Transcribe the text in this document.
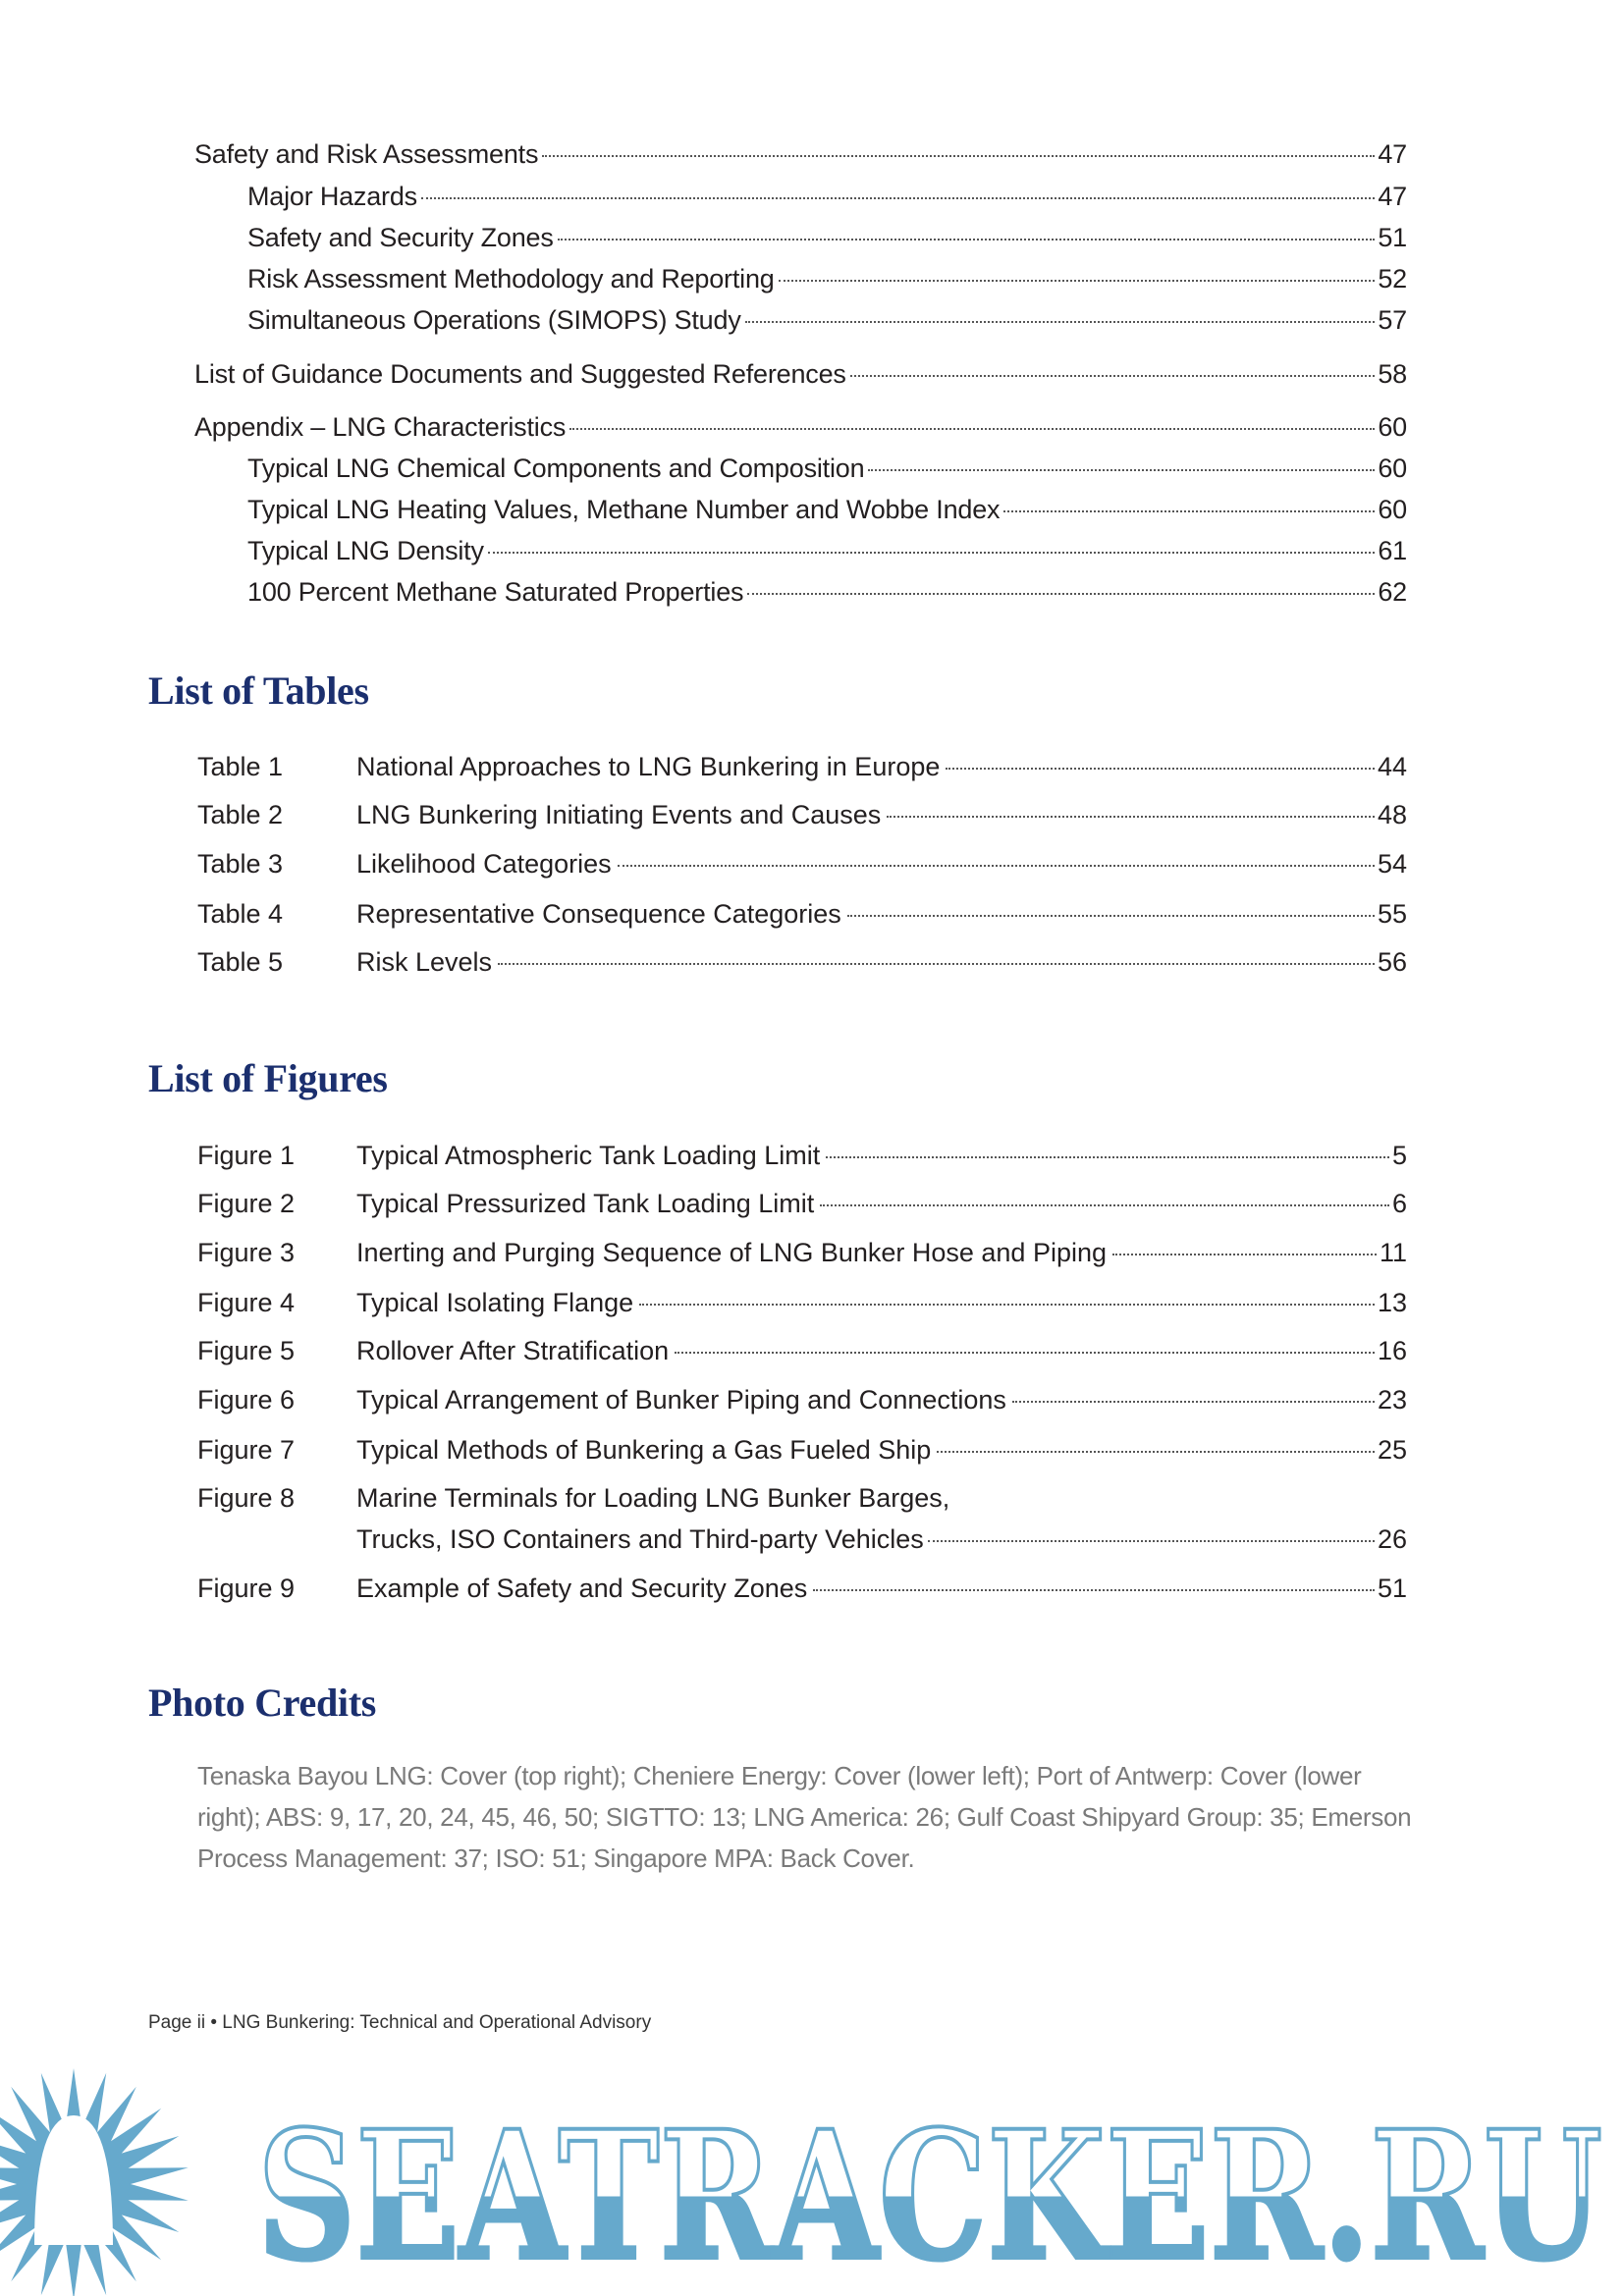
Safety and Risk Assessments	47
Major Hazards	47
Safety and Security Zones	51
Risk Assessment Methodology and Reporting	52
Simultaneous Operations (SIMOPS) Study	57
List of Guidance Documents and Suggested References	58
Appendix – LNG Characteristics	60
Typical LNG Chemical Components and Composition	60
Typical LNG Heating Values, Methane Number and Wobbe Index	60
Typical LNG Density	61
100 Percent Methane Saturated Properties	62
List of Tables
Table 1	National Approaches to LNG Bunkering in Europe	44
Table 2	LNG Bunkering Initiating Events and Causes	48
Table 3	Likelihood Categories	54
Table 4	Representative Consequence Categories	55
Table 5	Risk Levels	56
List of Figures
Figure 1	Typical Atmospheric Tank Loading Limit	5
Figure 2	Typical Pressurized Tank Loading Limit	6
Figure 3	Inerting and Purging Sequence of LNG Bunker Hose and Piping	11
Figure 4	Typical Isolating Flange	13
Figure 5	Rollover After Stratification	16
Figure 6	Typical Arrangement of Bunker Piping and Connections	23
Figure 7	Typical Methods of Bunkering a Gas Fueled Ship	25
Figure 8	Marine Terminals for Loading LNG Bunker Barges,
Trucks, ISO Containers and Third-party Vehicles	26
Figure 9	Example of Safety and Security Zones	51
Photo Credits
Tenaska Bayou LNG: Cover (top right); Cheniere Energy: Cover (lower left); Port of Antwerp: Cover (lower right); ABS: 9, 17, 20, 24, 45, 46, 50; SIGTTO: 13; LNG America: 26; Gulf Coast Shipyard Group: 35; Emerson Process Management: 37; ISO: 51; Singapore MPA: Back Cover.
Page ii • LNG Bunkering: Technical and Operational Advisory
SEATRACKER.RU
